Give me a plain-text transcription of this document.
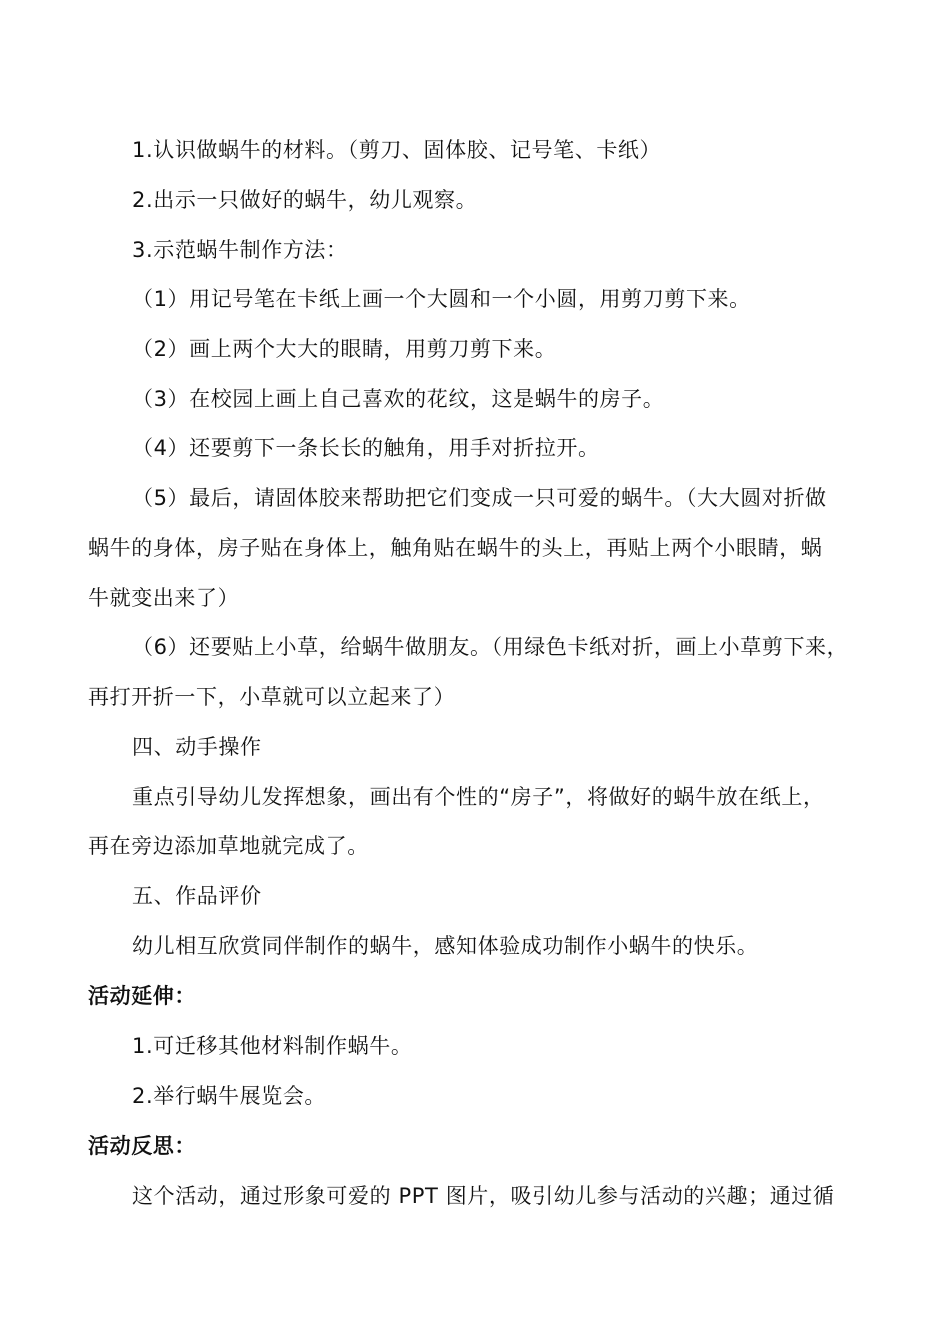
1.认识做蜗牛的材料。（剪刀、固体胶、记号笔、卡纸）
2.出示一只做好的蜗牛，幼儿观察。
3.示范蜗牛制作方法：
（1）用记号笔在卡纸上画一个大圆和一个小圆，用剪刀剪下来。
（2）画上两个大大的眼睛，用剪刀剪下来。
（3）在校园上画上自己喜欢的花纹，这是蜗牛的房子。
（4）还要剪下一条长长的触角，用手对折拉开。
（5）最后，请固体胶来帮助把它们变成一只可爱的蜗牛。（大大圆对折做
蜗牛的身体，房子贴在身体上，触角贴在蜗牛的头上，再贴上两个小眼睛，蜗
牛就变出来了）
（6）还要贴上小草，给蜗牛做朋友。（用绿色卡纸对折，画上小草剪下来，
再打开折一下，小草就可以立起来了）
四、动手操作
重点引导幼儿发挥想象，画出有个性的“房子”，将做好的蜗牛放在纸上，
再在旁边添加草地就完成了。
五、作品评价
幼儿相互欣赏同伴制作的蜗牛，感知体验成功制作小蜗牛的快乐。
活动延伸：
1.可迁移其他材料制作蜗牛。
2.举行蜗牛展览会。
活动反思：
这个活动，通过形象可爱的 PPT 图片，吸引幼儿参与活动的兴趣；通过循
